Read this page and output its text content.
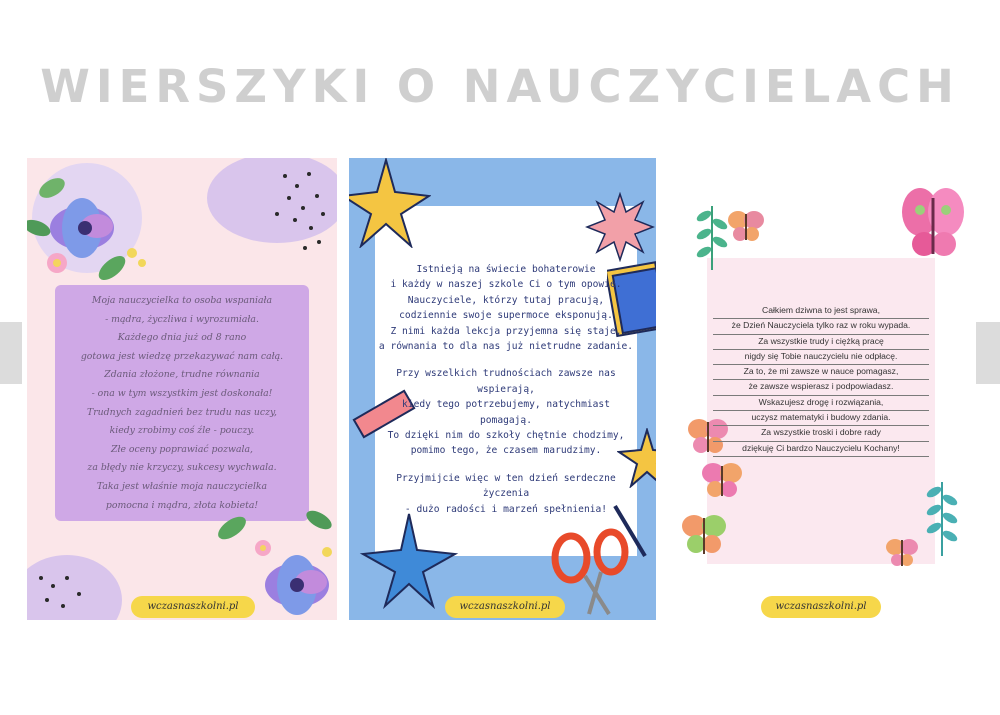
WIERSZYKI O NAUCZYCIELACH
Moja nauczycielka to osoba wspaniała
- mądra, życzliwa i wyrozumiała.
Każdego dnia już od 8 rano
gotowa jest wiedzę przekazywać nam całą.
Zdania złożone, trudne równania
- ona w tym wszystkim jest doskonała!
Trudnych zagadnień bez trudu nas uczy,
kiedy zrobimy coś źle - pouczy.
Złe oceny poprawiać pozwala,
za błędy nie krzyczy, sukcesy wychwala.
Taka jest właśnie moja nauczycielka
pomocna i mądra, złota kobieta!
wczasnaszkolni.pl
Istnieją na świecie bohaterowie
i każdy w naszej szkole Ci o tym opowie.
Nauczyciele, którzy tutaj pracują,
codziennie swoje supermoce eksponują.
Z nimi każda lekcja przyjemna się staje,
a równania to dla nas już nietrudne zadanie.
Przy wszelkich trudnościach zawsze nas
wspierają,
kiedy tego potrzebujemy, natychmiast
pomagają.
To dzięki nim do szkoły chętnie chodzimy,
pomimo tego, że czasem marudzimy.
Przyjmijcie więc w ten dzień serdeczne
życzenia
- dużo radości i marzeń spełnienia!
wczasnaszkolni.pl
Całkiem dziwna to jest sprawa,
że Dzień Nauczyciela tylko raz w roku wypada.
Za wszystkie trudy i ciężką pracę
nigdy się Tobie nauczycielu nie odpłacę.
Za to, że mi zawsze w nauce pomagasz,
że zawsze wspierasz i podpowiadasz.
Wskazujesz drogę i rozwiązania,
uczysz matematyki i budowy zdania.
Za wszystkie troski i dobre rady
dziękuję Ci bardzo Nauczycielu Kochany!
wczasnaszkolni.pl
